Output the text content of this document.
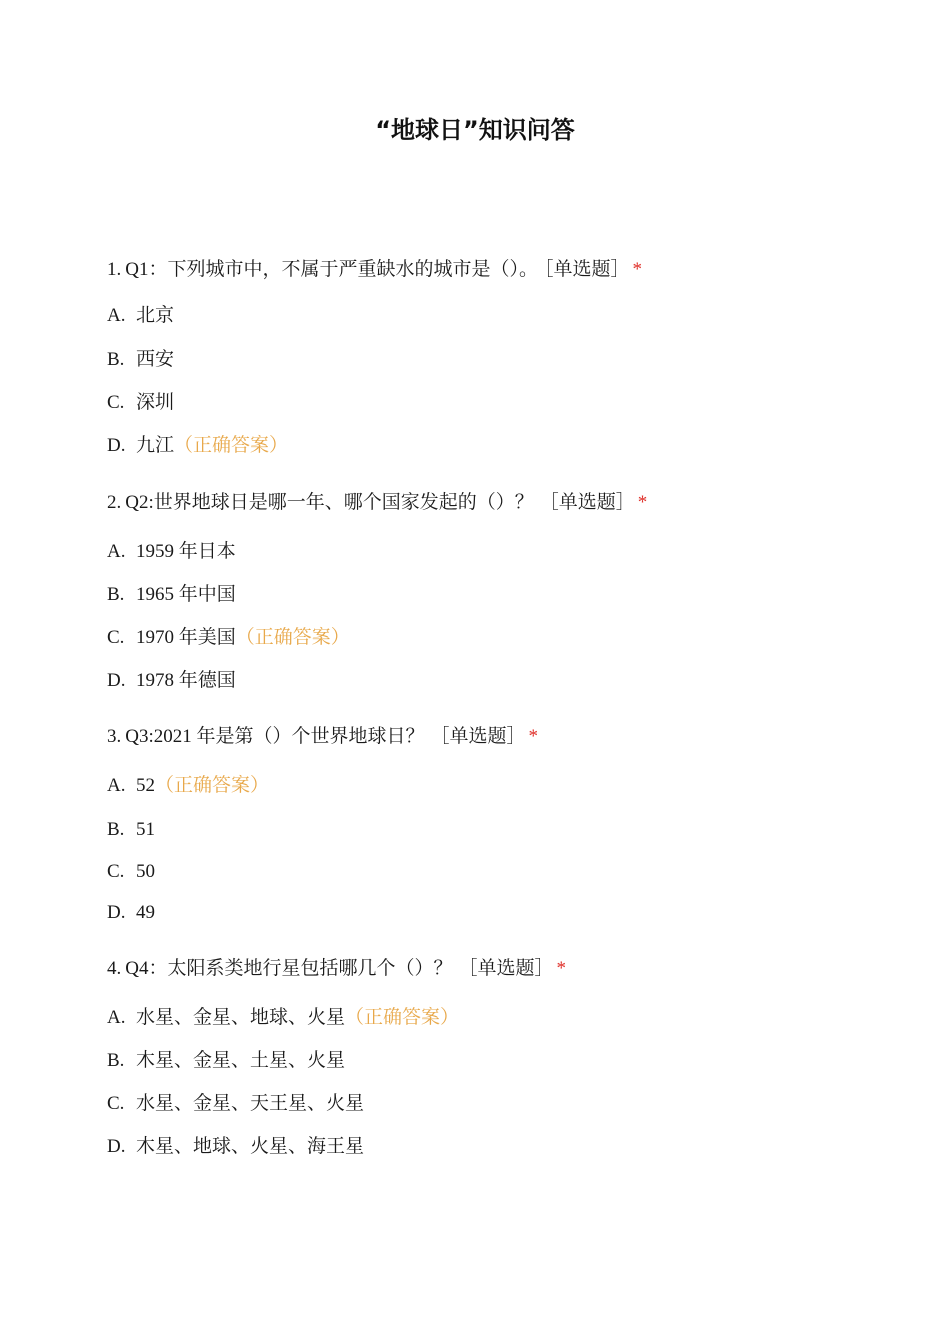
“地球日”知识问答
1. Q1：下列城市中，不属于严重缺水的城市是（）。 ［单选题］ *
A. 北京
B. 西安
C. 深圳
D. 九江（正确答案）
2. Q2:世界地球日是哪一年、哪个国家发起的（）？ ［单选题］ *
A. 1959 年日本
B. 1965 年中国
C. 1970 年美国（正确答案）
D. 1978 年德国
3. Q3:2021 年是第（）个世界地球日？ ［单选题］ *
A. 52（正确答案）
B. 51
C. 50
D. 49
4. Q4：太阳系类地行星包括哪几个（）？ ［单选题］ *
A. 水星、金星、地球、火星（正确答案）
B. 木星、金星、土星、火星
C. 水星、金星、天王星、火星
D. 木星、地球、火星、海王星
